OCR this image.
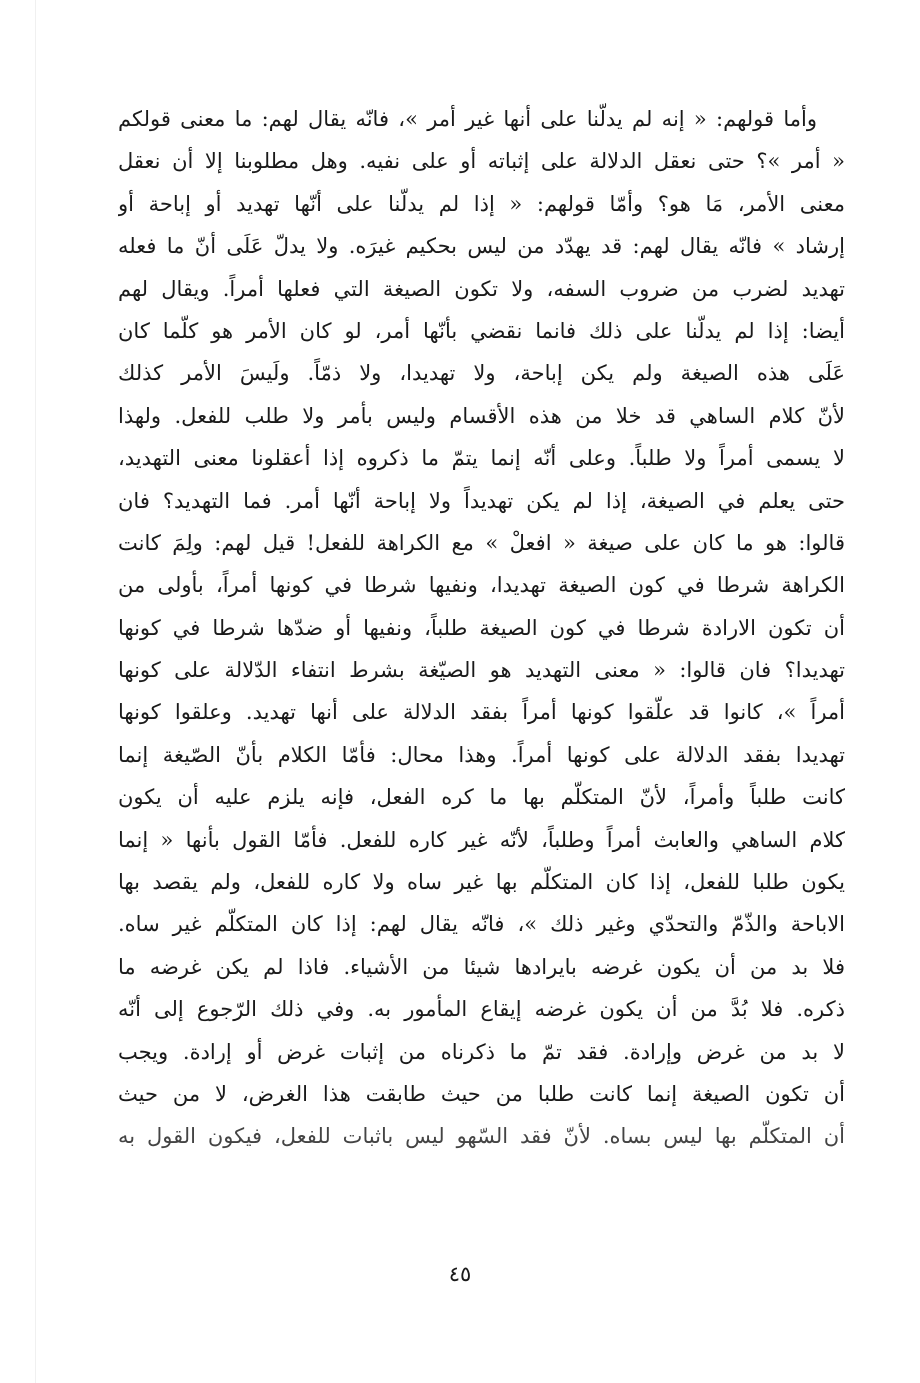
وأما قولهم: « إنه لم يدلّنا على أنها غير أمر »، فانّه يقال لهم: ما معنى قولكم
« أمر »؟ حتى نعقل الدلالة على إثباته أو على نفيه. وهل مطلوبنا إلا أن نعقل
معنى الأمر، مَا هو؟ وأمّا قولهم: « إذا لم يدلّنا على أنّها تهديد أو إباحة أو
إرشاد » فانّه يقال لهم: قد يهدّد من ليس بحكيم غيرَه. ولا يدلّ عَلَى أنّ ما فعله
تهديد لضرب من ضروب السفه، ولا تكون الصيغة التي فعلها أمراً. ويقال لهم
أيضا: إذا لم يدلّنا على ذلك فانما نقضي بأنّها أمر، لو كان الأمر هو كلّما كان
عَلَى هذه الصيغة ولم يكن إباحة، ولا تهديدا، ولا ذمّاً. ولَيسَ الأمر كذلك
لأنّ كلام الساهي قد خلا من هذه الأقسام وليس بأمر ولا طلب للفعل. ولهذا
لا يسمى أمراً ولا طلباً. وعلى أنّه إنما يتمّ ما ذكروه إذا أعقلونا معنى التهديد،
حتى يعلم في الصيغة، إذا لم يكن تهديداً ولا إباحة أنّها أمر. فما التهديد؟ فان
قالوا: هو ما كان على صيغة « افعلْ » مع الكراهة للفعل! قيل لهم: ولِمَ كانت
الكراهة شرطا في كون الصيغة تهديدا، ونفيها شرطا في كونها أمراً، بأولى من
أن تكون الارادة شرطا في كون الصيغة طلباً، ونفيها أو ضدّها شرطا في كونها
تهديدا؟ فان قالوا: « معنى التهديد هو الصيّغة بشرط انتفاء الدّلالة على كونها
أمراً »، كانوا قد علّقوا كونها أمراً بفقد الدلالة على أنها تهديد. وعلقوا كونها
تهديدا بفقد الدلالة على كونها أمراً. وهذا محال: فأمّا الكلام بأنّ الصّيغة إنما
كانت طلباً وأمراً، لأنّ المتكلّم بها ما كره الفعل، فإنه يلزم عليه أن يكون
كلام الساهي والعابث أمراً وطلباً، لأنّه غير كاره للفعل. فأمّا القول بأنها « إنما
يكون طلبا للفعل، إذا كان المتكلّم بها غير ساه ولا كاره للفعل، ولم يقصد بها
الاباحة والذّمّ والتحدّي وغير ذلك »، فانّه يقال لهم: إذا كان المتكلّم غير ساه.
فلا بد من أن يكون غرضه بايرادها شيئا من الأشياء. فاذا لم يكن غرضه ما
ذكره. فلا بُدَّ من أن يكون غرضه إيقاع المأمور به. وفي ذلك الرّجوع إلى أنّه
لا بد من غرض وإرادة. فقد تمّ ما ذكرناه من إثبات غرض أو إرادة. ويجب
أن تكون الصيغة إنما كانت طلبا من حيث طابقت هذا الغرض، لا من حيث
أن المتكلّم بها ليس بساه. لأنّ فقد السّهو ليس باثبات للفعل، فيكون القول به
٤٥
